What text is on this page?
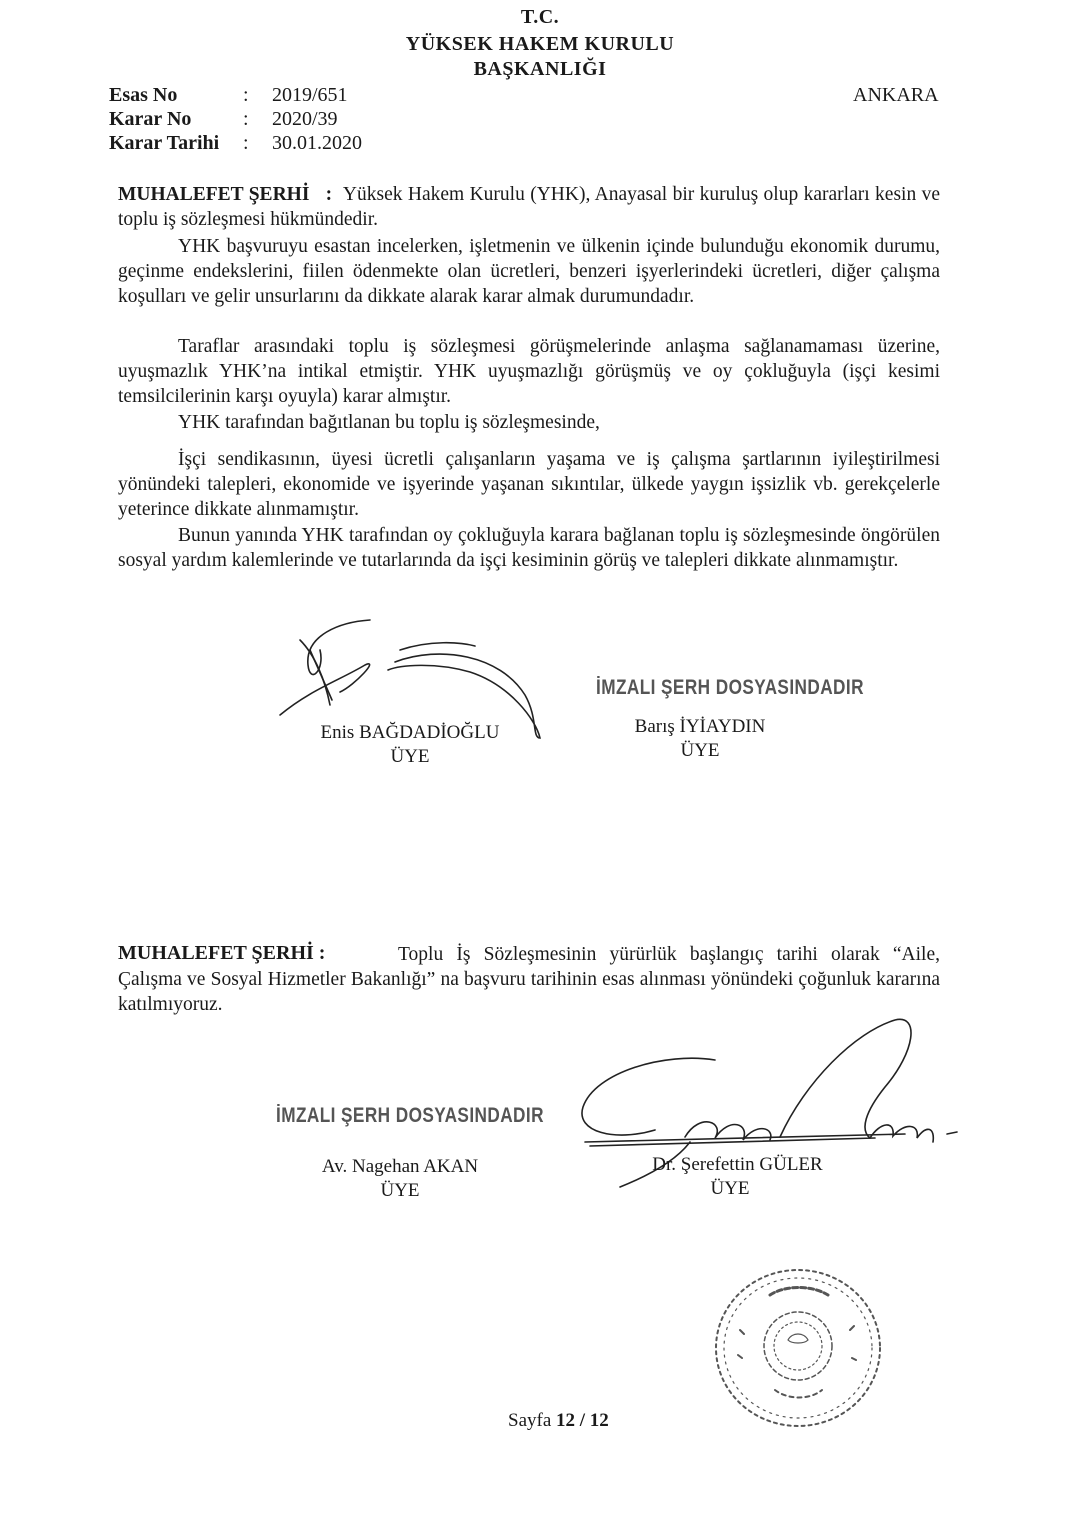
T.C.
YÜKSEK HAKEM KURULU
BAŞKANLIĞI
Esas No	: 2019/651
Karar No	: 2020/39
Karar Tarihi : 30.01.2020
ANKARA

MUHALEFET ŞERHİ : Yüksek Hakem Kurulu (YHK), Anayasal bir kuruluş olup kararları kesin ve toplu iş sözleşmesi hükmündedir.

YHK başvuruyu esastan incelerken, işletmenin ve ülkenin içinde bulunduğu ekonomik durumu, geçinme endekslerini, fiilen ödenmekte olan ücretleri, benzeri işyerlerindeki ücretleri, diğer çalışma koşulları ve gelir unsurlarını da dikkate alarak karar almak durumundadır.

Taraflar arasındaki toplu iş sözleşmesi görüşmelerinde anlaşma sağlanamaması üzerine, uyuşmazlık YHK’na intikal etmiştir. YHK uyuşmazlığı görüşmüş ve oy çokluğuyla (işçi kesimi temsilcilerinin karşı oyuyla) karar almıştır.

YHK tarafından bağıtlanan bu toplu iş sözleşmesinde,

İşçi sendikasının, üyesi ücretli çalışanların yaşama ve iş çalışma şartlarının iyileştirilmesi yönündeki talepleri, ekonomide ve işyerinde yaşanan sıkıntılar, ülkede yaygın işsizlik vb. gerekçelerle yeterince dikkate alınmamıştır.

Bunun yanında YHK tarafından oy çokluğuyla karara bağlanan toplu iş sözleşmesinde öngörülen sosyal yardım kalemlerinde ve tutarlarında da işçi kesiminin görüş ve talepleri dikkate alınmamıştır.

Enis BAĞDADİOĞLU
ÜYE
İMZALI ŞERH DOSYASINDADIR
Barış İYİAYDIN
ÜYE
MUHALEFET ŞERHİ :	Toplu İş Sözleşmesinin yürürlük başlangıç tarihi olarak “Aile, Çalışma ve Sosyal Hizmetler Bakanlığı” na başvuru tarihinin esas alınması yönündeki çoğunluk kararına katılmıyoruz.

İMZALI ŞERH DOSYASINDADIR
Av. Nagehan AKAN
ÜYE
Dr. Şerefettin GÜLER
ÜYE
Sayfa 12 / 12
